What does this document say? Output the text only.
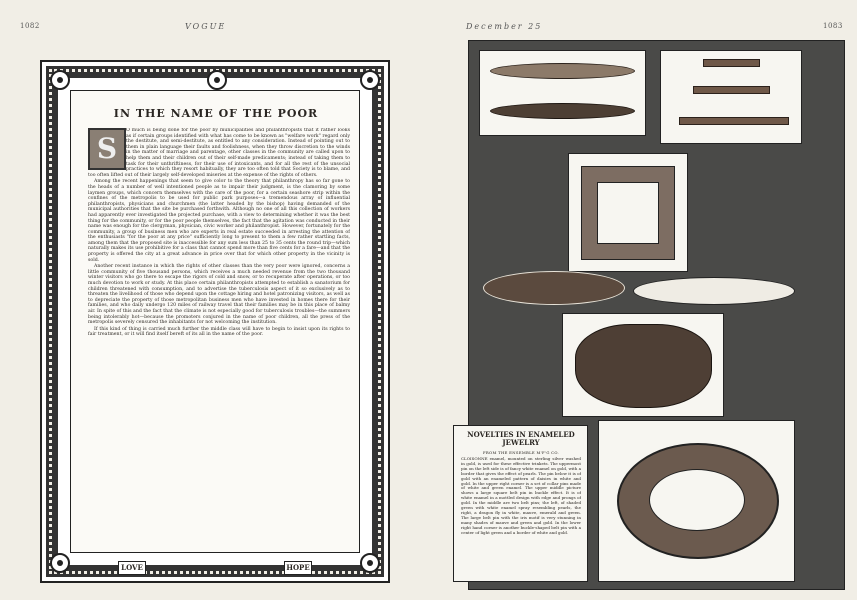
1082	VOGUE
LOVE	HOPE
IN THE NAME OF THE POOR
S

O much is being done for the poor by municipalities and philanthropists that it rather looks as if certain groups identified with what has come to be known as "welfare work" regard only the destitute, and semi-destitute, as entitled to any consideration. Instead of pointing out to them in plain language their faults and foolishness, when they throw discretion to the winds in the matter of marriage and parentage, other classes in the community are called upon to help them and their children out of their self-made predicaments; instead of taking them to task for their unthriftiness, for their use of intoxicants, and for all the rest of the unsocial practices to which they resort habitually, they are too often told that Society is to blame, and too often lifted out of their largely self-developed miseries at the expense of the rights of others.

Among the recent happenings that seem to give color to the theory that philanthropy has so far gone to the heads of a number of well intentioned people as to impair their judgment, is the clamoring by some laymen groups, which concern themselves with the care of the poor, for a certain seashore strip within the confines of the metropolis to be used for public park purposes—a tremendous array of influential philanthropists, physicians and churchmen (the latter headed by the bishop) having demanded of the municipal authorities that the site be purchased forthwith. Although no one of all this collection of workers had apparently ever investigated the projected purchase, with a view to determining whether it was the best thing for the community, or for the poor people themselves, the fact that the agitation was conducted in their name was enough for the clergyman, physician, civic worker and philanthropist. However, fortunately for the community, a group of business men who are experts in real estate succeeded in arresting the attention of the enthusiasts "for the poor at any price" sufficiently long to present to them a few rather startling facts, among them that the proposed site is inaccessible for any sum less than 25 to 35 cents the round trip—which naturally makes its use prohibitive for a class that cannot spend more than five cents for a fare—and that the property is offered the city at a great advance in price over that for which other property in the vicinity is sold.

Another recent instance in which the rights of other classes than the very poor were ignored, concerns a little community of five thousand persons, which receives a much needed revenue from the two thousand winter visitors who go there to escape the rigors of cold and snow, or to recuperate after operations, or too much devotion to work or study. At this place certain philanthropists attempted to establish a sanatorium for children threatened with consumption, and to advertise the tuberculosis aspect of it so exclusively as to threaten the livelihood of those who depend upon the cottage hiring and hotel patronizing visitors, as well as to depreciate the property of those metropolitan business men who have invested in homes there for their families, and who daily undergo 120 miles of railway travel that their families may be in this place of balmy air. In spite of this and the fact that the climate is not especially good for tuberculosis troubles—the summers being intolerably hot—because the promoters conjured in the name of poor children, all the press of the metropolis severely censured the inhabitants for not welcoming the institution.

If this kind of thing is carried much further the middle class will have to begin to insist upon its rights to fair treatment, or it will find itself bereft of its all in the name of the poor.

December 25	1083
NOVELTIES IN ENAMELED JEWELRY
FROM THE ENSEMBLE M'F'G CO.
CLOISONNE enamel, mounted on sterling silver washed in gold, is used for these effective trinkets. The uppermost pin on the left side is of fancy white enamel on gold, with a border that gives the effect of pearls. The pin below it is of gold with an enameled pattern of daisies in white and gold. In the upper right corner is a set of collar pins made of white and green enamel. The upper middle picture shows a large square belt pin in buckle effect. It is of white enamel in a mottled design with edge and prongs of gold. In the middle are two belt pins; the left, of shaded green with white enamel spray resembling pearls, the right, a dragon fly in white, mauve, emerald and green. The large belt pin with the iris motif is very stunning in many shades of mauve and green and gold. In the lower right hand corner is another buckle-shaped belt pin with a center of light green and a border of white and gold.
